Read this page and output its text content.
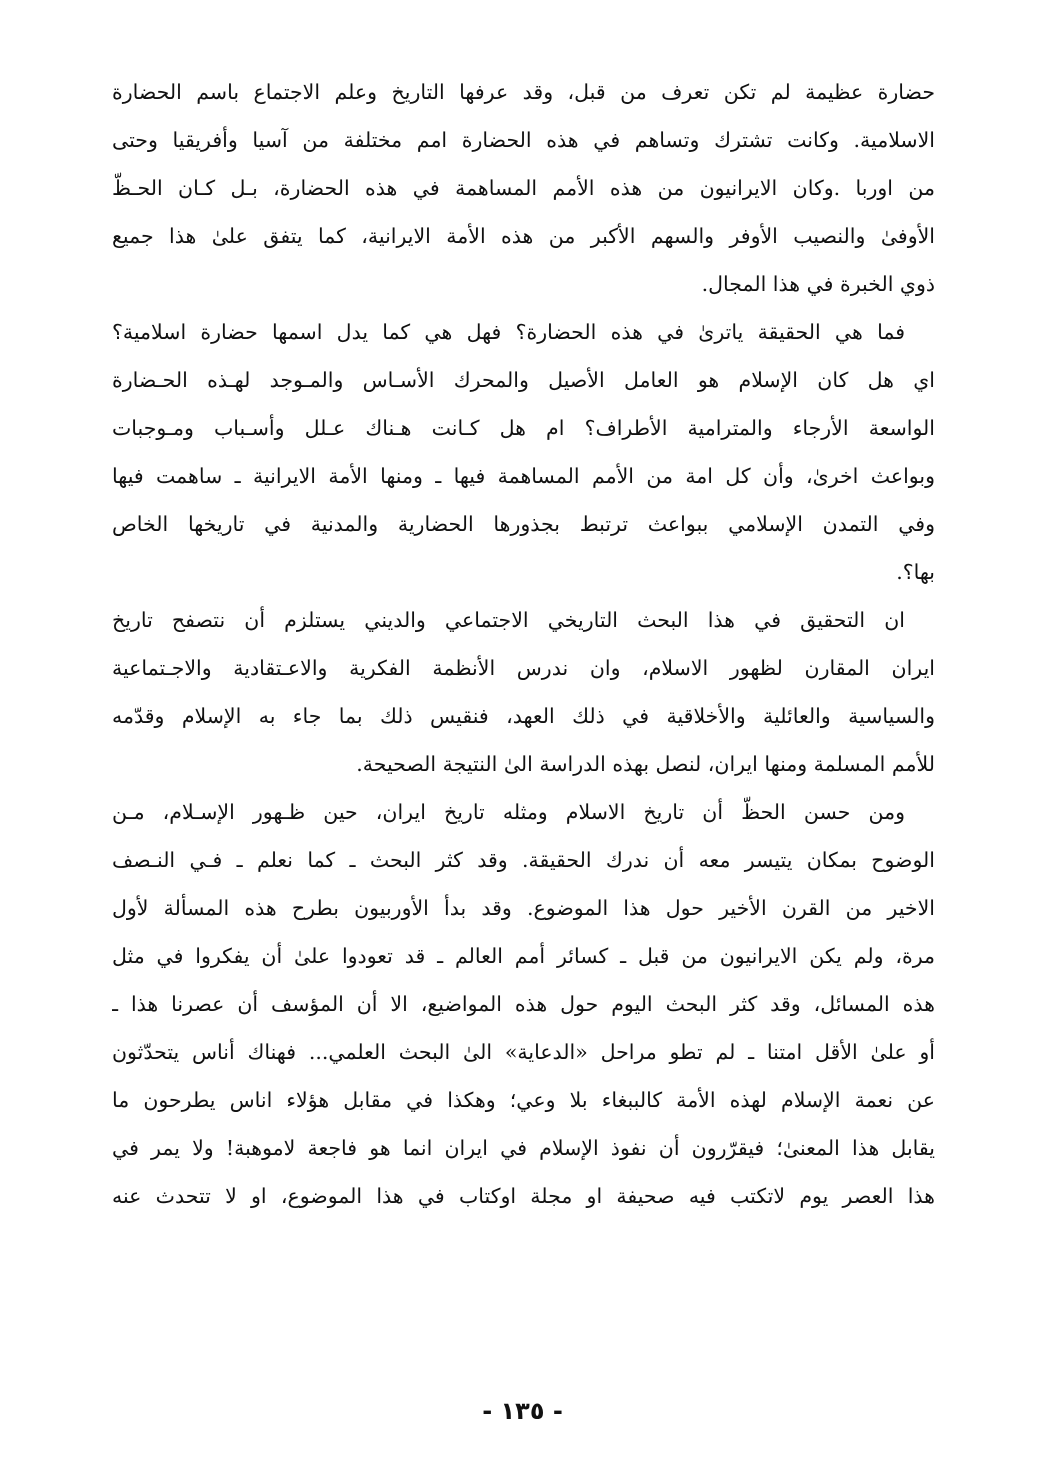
حضارة عظيمة لم تكن تعرف من قبل، وقد عرفها التاريخ وعلم الاجتماع باسم الحضارة
الاسلامية. وكانت تشترك وتساهم في هذه الحضارة امم مختلفة من آسيا وأفريقيا وحتى
من اوربا .وكان الايرانيون من هذه الأمم المساهمة في هذه الحضارة، بـل كـان الحـظّ
الأوفىٰ والنصيب الأوفر والسهم الأكبر من هذه الأمة الايرانية، كما يتفق علىٰ هذا جميع
ذوي الخبرة في هذا المجال.
فما هي الحقيقة ياترىٰ في هذه الحضارة؟ فهل هي كما يدل اسمها حضارة اسلامية؟
اي هل كان الإسلام هو العامل الأصيل والمحرك الأسـاس والمـوجد لهـذه الحـضارة
الواسعة الأرجاء والمترامية الأطراف؟ ام هل كـانت هـناك عـلل وأسـباب ومـوجبات
وبواعث اخرىٰ، وأن كل امة من الأمم المساهمة فيها ـ ومنها الأمة الايرانية ـ ساهمت فيها
وفي التمدن الإسلامي ببواعث ترتبط بجذورها الحضارية والمدنية في تاريخها الخاص
بها؟.
ان التحقيق في هذا البحث التاريخي الاجتماعي والديني يستلزم أن نتصفح تاريخ
ايران المقارن لظهور الاسلام، وان ندرس الأنظمة الفكرية والاعـتقادية والاجـتماعية
والسياسية والعائلية والأخلاقية في ذلك العهد، فنقيس ذلك بما جاء به الإسلام وقدّمه
للأمم المسلمة ومنها ايران، لنصل بهذه الدراسة الىٰ النتيجة الصحيحة.
ومن حسن الحظّ أن تاريخ الاسلام ومثله تاريخ ايران، حين ظـهور الإسـلام، مـن
الوضوح بمكان يتيسر معه أن ندرك الحقيقة. وقد كثر البحث ـ كما نعلم ـ فـي النـصف
الاخير من القرن الأخير حول هذا الموضوع. وقد بدأ الأوربيون بطرح هذه المسألة لأول
مرة، ولم يكن الايرانيون من قبل ـ كسائر أمم العالم ـ قد تعودوا علىٰ أن يفكروا في مثل
هذه المسائل، وقد كثر البحث اليوم حول هذه المواضيع، الا أن المؤسف أن عصرنا هذا ـ
أو علىٰ الأقل امتنا ـ لم تطو مراحل «الدعاية» الىٰ البحث العلمي... فهناك أناس يتحدّثون
عن نعمة الإسلام لهذه الأمة كالببغاء بلا وعي؛ وهكذا في مقابل هؤلاء اناس يطرحون ما
يقابل هذا المعنىٰ؛ فيقرّرون أن نفوذ الإسلام في ايران انما هو فاجعة لاموهبة! ولا يمر في
هذا العصر يوم لاتكتب فيه صحيفة او مجلة اوكتاب في هذا الموضوع، او لا تتحدث عنه
- ١٣٥ -
